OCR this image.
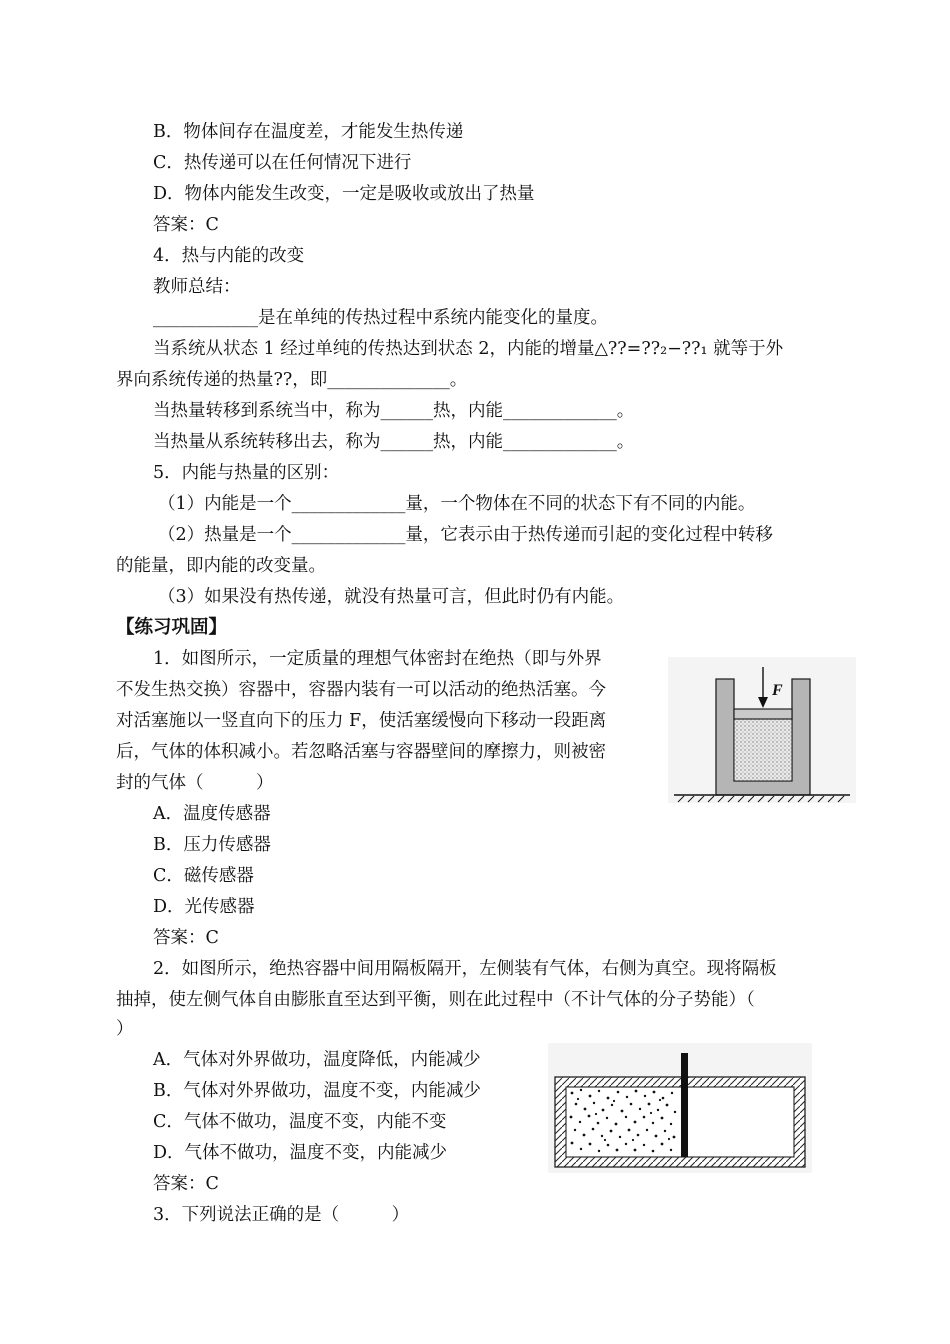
B．物体间存在温度差，才能发生热传递
C．热传递可以在任何情况下进行
D．物体内能发生改变，一定是吸收或放出了热量
答案：C
4．热与内能的改变
教师总结：
____________是在单纯的传热过程中系统内能变化的量度。
当系统从状态 1 经过单纯的传热达到状态 2，内能的增量△??=??₂−??₁ 就等于外
界向系统传递的热量??，即______________。
当热量转移到系统当中，称为______热，内能_____________。
当热量从系统转移出去，称为______热，内能_____________。
5．内能与热量的区别：
（1）内能是一个_____________量，一个物体在不同的状态下有不同的内能。
（2）热量是一个_____________量，它表示由于热传递而引起的变化过程中转移
的能量，即内能的改变量。
（3）如果没有热传递，就没有热量可言，但此时仍有内能。
【练习巩固】
1．如图所示，一定质量的理想气体密封在绝热（即与外界
不发生热交换）容器中，容器内装有一可以活动的绝热活塞。今
对活塞施以一竖直向下的压力 F，使活塞缓慢向下移动一段距离
后，气体的体积减小。若忽略活塞与容器壁间的摩擦力，则被密
封的气体（　　　）
A．温度传感器
B．压力传感器
C．磁传感器
D．光传感器
答案：C
2．如图所示，绝热容器中间用隔板隔开，左侧装有气体，右侧为真空。现将隔板
抽掉，使左侧气体自由膨胀直至达到平衡，则在此过程中（不计气体的分子势能）（
）
A．气体对外界做功，温度降低，内能减少
B．气体对外界做功，温度不变，内能减少
C．气体不做功，温度不变，内能不变
D．气体不做功，温度不变，内能减少
答案：C
3．下列说法正确的是（　　　）
F
